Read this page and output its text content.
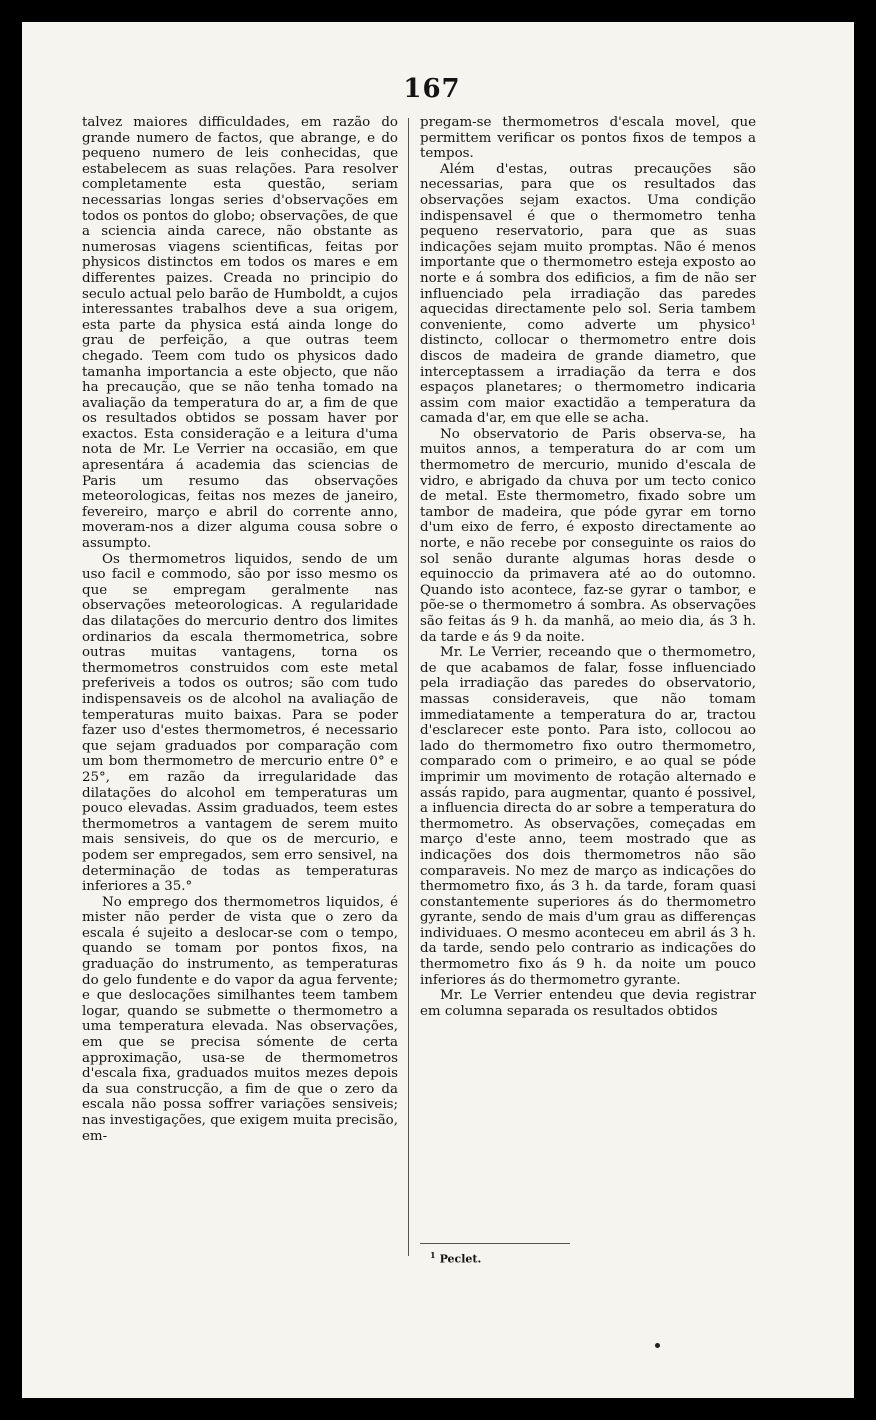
167

talvez maiores difficuldades, em razão do grande numero de factos, que abrange, e do pequeno numero de leis conhecidas, que estabelecem as suas relações. Para resolver completamente esta questão, seriam necessarias longas series d'observações em todos os pontos do globo; observações, de que a sciencia ainda carece, não obstante as numerosas viagens scientificas, feitas por physicos distinctos em todos os mares e em differentes paizes. Creada no principio do seculo actual pelo barão de Humboldt, a cujos interessantes trabalhos deve a sua origem, esta parte da physica está ainda longe do grau de perfeição, a que outras teem chegado. Teem com tudo os physicos dado tamanha importancia a este objecto, que não ha precaução, que se não tenha tomado na avaliação da temperatura do ar, a fim de que os resultados obtidos se possam haver por exactos. Esta consideração e a leitura d'uma nota de Mr. Le Verrier na occasião, em que apresentára á academia das sciencias de Paris um resumo das observações meteorologicas, feitas nos mezes de janeiro, fevereiro, março e abril do corrente anno, moveram-nos a dizer alguma cousa sobre o assumpto.

Os thermometros liquidos, sendo de um uso facil e commodo, são por isso mesmo os que se empregam geralmente nas observações meteorologicas. A regularidade das dilatações do mercurio dentro dos limites ordinarios da escala thermometrica, sobre outras muitas vantagens, torna os thermometros construidos com este metal preferiveis a todos os outros; são com tudo indispensaveis os de alcohol na avaliação de temperaturas muito baixas. Para se poder fazer uso d'estes thermometros, é necessario que sejam graduados por comparação com um bom thermometro de mercurio entre 0° e 25°, em razão da irregularidade das dilatações do alcohol em temperaturas um pouco elevadas. Assim graduados, teem estes thermometros a vantagem de serem muito mais sensiveis, do que os de mercurio, e podem ser empregados, sem erro sensivel, na determinação de todas as temperaturas inferiores a 35.°

No emprego dos thermometros liquidos, é mister não perder de vista que o zero da escala é sujeito a deslocar-se com o tempo, quando se tomam por pontos fixos, na graduação do instrumento, as temperaturas do gelo fundente e do vapor da agua fervente; e que deslocações similhantes teem tambem logar, quando se submette o thermometro a uma temperatura elevada. Nas observações, em que se precisa sómente de certa approximação, usa-se de thermometros d'escala fixa, graduados muitos mezes depois da sua construcção, a fim de que o zero da escala não possa soffrer variações sensiveis; nas investigações, que exigem muita precisão, em-

pregam-se thermometros d'escala movel, que permittem verificar os pontos fixos de tempos a tempos.

Além d'estas, outras precauções são necessarias, para que os resultados das observações sejam exactos. Uma condição indispensavel é que o thermometro tenha pequeno reservatorio, para que as suas indicações sejam muito promptas. Não é menos importante que o thermometro esteja exposto ao norte e á sombra dos edificios, a fim de não ser influenciado pela irradiação das paredes aquecidas directamente pelo sol. Seria tambem conveniente, como adverte um physico¹ distincto, collocar o thermometro entre dois discos de madeira de grande diametro, que interceptassem a irradiação da terra e dos espaços planetares; o thermometro indicaria assim com maior exactidão a temperatura da camada d'ar, em que elle se acha.

No observatorio de Paris observa-se, ha muitos annos, a temperatura do ar com um thermometro de mercurio, munido d'escala de vidro, e abrigado da chuva por um tecto conico de metal. Este thermometro, fixado sobre um tambor de madeira, que póde gyrar em torno d'um eixo de ferro, é exposto directamente ao norte, e não recebe por conseguinte os raios do sol senão durante algumas horas desde o equinoccio da primavera até ao do outomno. Quando isto acontece, faz-se gyrar o tambor, e põe-se o thermometro á sombra. As observações são feitas ás 9 h. da manhã, ao meio dia, ás 3 h. da tarde e ás 9 da noite.

Mr. Le Verrier, receando que o thermometro, de que acabamos de falar, fosse influenciado pela irradiação das paredes do observatorio, massas consideraveis, que não tomam immediatamente a temperatura do ar, tractou d'esclarecer este ponto. Para isto, collocou ao lado do thermometro fixo outro thermometro, comparado com o primeiro, e ao qual se póde imprimir um movimento de rotação alternado e assás rapido, para augmentar, quanto é possivel, a influencia directa do ar sobre a temperatura do thermometro. As observações, começadas em março d'este anno, teem mostrado que as indicações dos dois thermometros não são comparaveis. No mez de março as indicações do thermometro fixo, ás 3 h. da tarde, foram quasi constantemente superiores ás do thermometro gyrante, sendo de mais d'um grau as differenças individuaes. O mesmo aconteceu em abril ás 3 h. da tarde, sendo pelo contrario as indicações do thermometro fixo ás 9 h. da noite um pouco inferiores ás do thermometro gyrante.

Mr. Le Verrier entendeu que devia registrar em columna separada os resultados obtidos

$^1$ Peclet.
